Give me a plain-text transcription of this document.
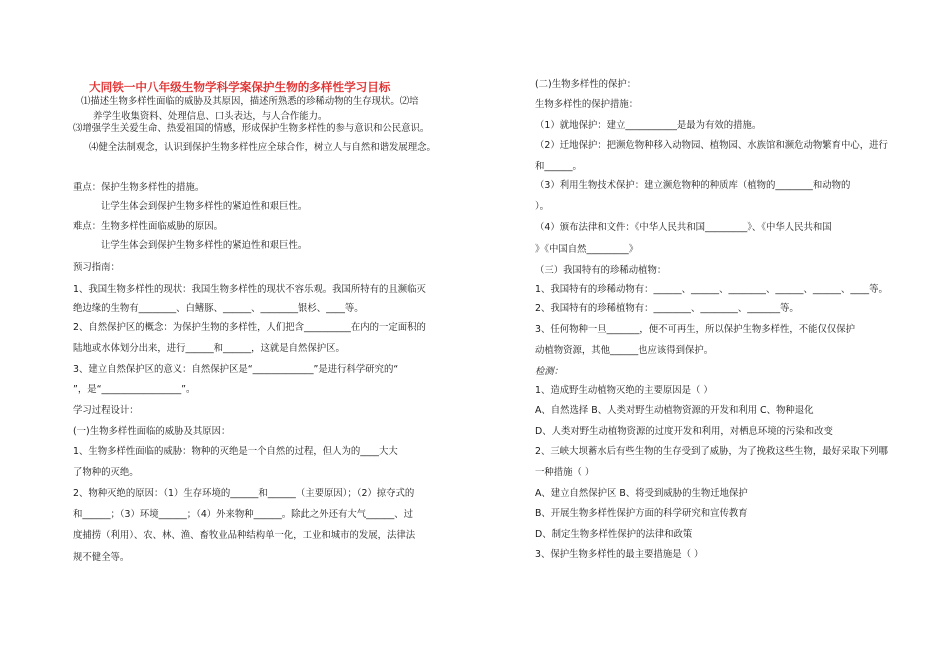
大同铁一中八年级生物学科学案保护生物的多样性学习目标

⑴描述生物多样性面临的威胁及其原因，描述所熟悉的珍稀动物的生存现状。⑵培

养学生收集资料、处理信息、口头表达，与人合作能力。

⑶增强学生关爱生命、热爱祖国的情感，形成保护生物多样性的参与意识和公民意识。

⑷健全法制观念，认识到保护生物多样性应全球合作，树立人与自然和谐发展理念。

重点：保护生物多样性的措施。

让学生体会到保护生物多样性的紧迫性和艰巨性。

难点：生物多样性面临威胁的原因。

让学生体会到保护生物多样性的紧迫性和艰巨性。

预习指南：

1、我国生物多样性的现状：我国生物多样性的现状不容乐观。我国所特有的且濒临灭

绝边缘的生物有________、白鳍豚、______、________银杉、____等。

2、自然保护区的概念：为保护生物的多样性，人们把含__________在内的一定面积的

陆地或水体划分出来，进行______和______，这就是自然保护区。

3、建立自然保护区的意义：自然保护区是“_____________”是进行科学研究的“

”，是“_________________”。

学习过程设计：

(一)生物多样性面临的威胁及其原因：

1、生物多样性面临的威胁：物种的灭绝是一个自然的过程，但人为的____大大

了物种的灭绝。

2、物种灭绝的原因：（1）生存环境的______和______（主要原因）；（2）掠夺式的

和______；（3）环境______；（4）外来物种______。除此之外还有大气______、过

度捕捞（利用）、农、林、渔、畜牧业品种结构单一化，工业和城市的发展，法律法

规不健全等。

(二)生物多样性的保护：

生物多样性的保护措施：

（1）就地保护：建立___________是最为有效的措施。

（2）迁地保护：把濒危物种移入动物园、植物园、水族馆和濒危动物繁育中心，进行

和______。

（3）利用生物技术保护：建立濒危物种的种质库（植物的________和动物的

）。

（4）颁布法律和文件：《中华人民共和国_________》、《中华人民共和国

》《中国自然_________》

（三）我国特有的珍稀动植物：

1、我国特有的珍稀动物有：______、______、________、______、______、____等。

2、我国特有的珍稀植物有：________、________、_______等。

3、任何物种一旦_______，便不可再生，所以保护生物多样性，不能仅仅保护

动植物资源，其他______也应该得到保护。

检测：

1、造成野生动植物灭绝的主要原因是（ ）

A、自然选择 B、人类对野生动植物资源的开发和利用 C、物种退化

D、人类对野生动植物资源的过度开发和利用，对栖息环境的污染和改变

2、三峡大坝蓄水后有些生物的生存受到了威胁，为了挽救这些生物，最好采取下列哪

一种措施（ ）

A、建立自然保护区 B、将受到威胁的生物迁地保护

B、开展生物多样性保护方面的科学研究和宣传教育

D、制定生物多样性保护的法律和政策

3、保护生物多样性的最主要措施是（ ）
